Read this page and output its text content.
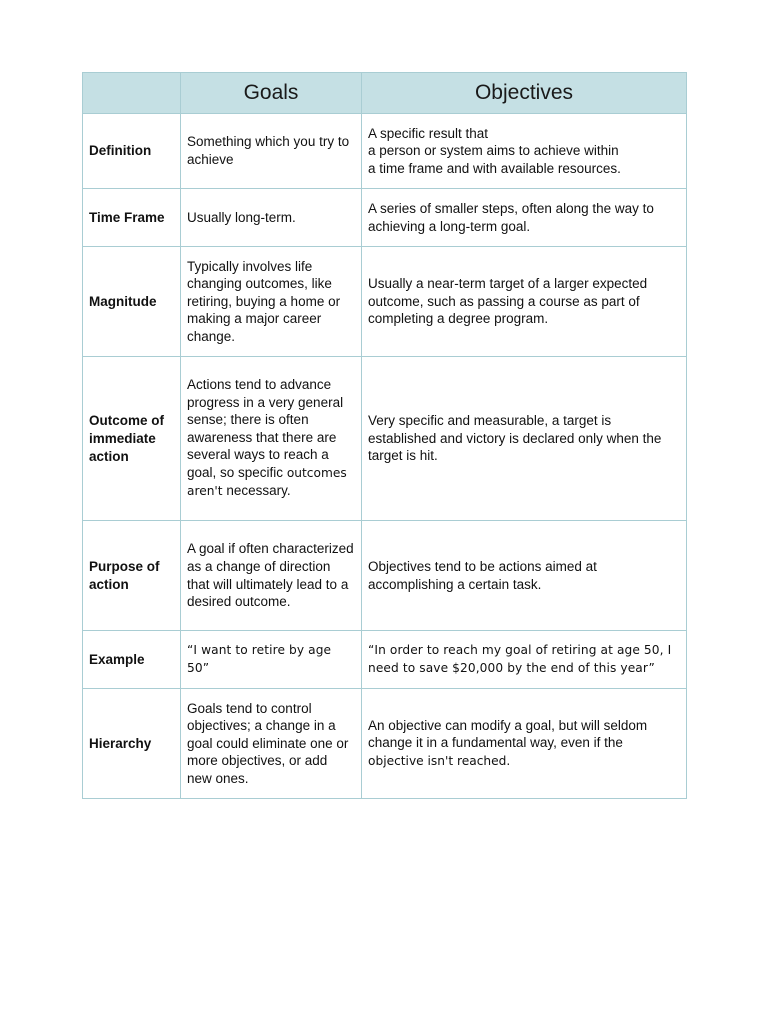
	Goals	Objectives
Definition	Something which you try to achieve	A specific result that
a person or system aims to achieve within
a time frame and with available resources.

Time Frame	Usually long-term.	A series of smaller steps, often along the way to achieving a long-term goal.

Magnitude	Typically involves life changing outcomes, like retiring, buying a home or making a major career change.	Usually a near-term target of a larger expected outcome, such as passing a course as part of completing a degree program.

Outcome of immediate action	Actions tend to advance progress in a very general sense; there is often awareness that there are several ways to reach a goal, so specific outcomes aren't necessary.	Very specific and measurable, a target is established and victory is declared only when the target is hit.

Purpose of action	A goal if often characterized as a change of direction that will ultimately lead to a desired outcome.	Objectives tend to be actions aimed at accomplishing a certain task.

Example	“I want to retire by age 50”	“In order to reach my goal of retiring at age 50, I need to save $20,000 by the end of this year”

Hierarchy	Goals tend to control objectives; a change in a goal could eliminate one or more objectives, or add new ones.	An objective can modify a goal, but will seldom change it in a fundamental way, even if the objective isn't reached.
